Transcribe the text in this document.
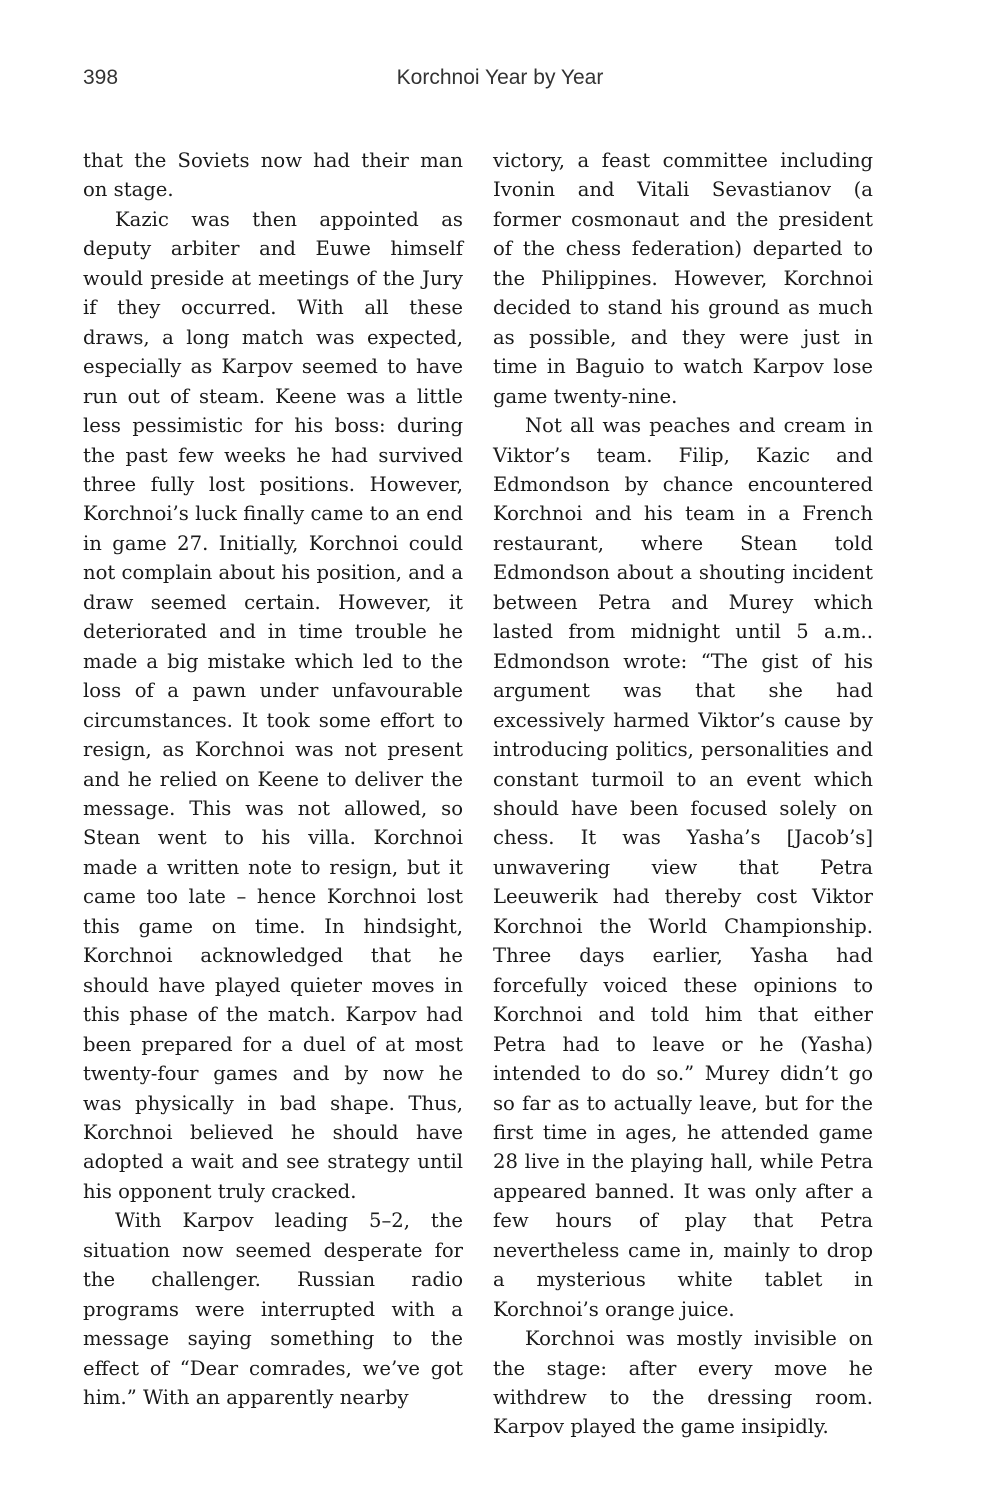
398	Korchnoi Year by Year

that the Soviets now had their man on stage.

Kazic was then appointed as deputy arbiter and Euwe himself would preside at meetings of the Jury if they occurred. With all these draws, a long match was expected, especially as Karpov seemed to have run out of steam. Keene was a little less pessimistic for his boss: during the past few weeks he had survived three fully lost positions. However, Korchnoi’s luck finally came to an end in game 27. Initially, Korchnoi could not complain about his position, and a draw seemed certain. However, it deteriorated and in time trouble he made a big mistake which led to the loss of a pawn under unfavourable circumstances. It took some effort to resign, as Korchnoi was not present and he relied on Keene to deliver the message. This was not allowed, so Stean went to his villa. Korchnoi made a written note to resign, but it came too late – hence Korchnoi lost this game on time. In hindsight, Korchnoi acknowledged that he should have played quieter moves in this phase of the match. Karpov had been prepared for a duel of at most twenty-four games and by now he was physically in bad shape. Thus, Korchnoi believed he should have adopted a wait and see strategy until his opponent truly cracked.

With Karpov leading 5–2, the situation now seemed desperate for the challenger. Russian radio programs were interrupted with a message saying something to the effect of “Dear comrades, we’ve got him.” With an apparently nearby

victory, a feast committee including Ivonin and Vitali Sevastianov (a former cosmonaut and the president of the chess federation) departed to the Philippines. However, Korchnoi decided to stand his ground as much as possible, and they were just in time in Baguio to watch Karpov lose game twenty-nine.

Not all was peaches and cream in Viktor’s team. Filip, Kazic and Edmondson by chance encountered Korchnoi and his team in a French restaurant, where Stean told Edmondson about a shouting incident between Petra and Murey which lasted from midnight until 5 a.m.. Edmondson wrote: “The gist of his argument was that she had excessively harmed Viktor’s cause by introducing politics, personalities and constant turmoil to an event which should have been focused solely on chess. It was Yasha’s [Jacob’s] unwavering view that Petra Leeuwerik had thereby cost Viktor Korchnoi the World Championship. Three days earlier, Yasha had forcefully voiced these opinions to Korchnoi and told him that either Petra had to leave or he (Yasha) intended to do so.” Murey didn’t go so far as to actually leave, but for the first time in ages, he attended game 28 live in the playing hall, while Petra appeared banned. It was only after a few hours of play that Petra nevertheless came in, mainly to drop a mysterious white tablet in Korchnoi’s orange juice.

Korchnoi was mostly invisible on the stage: after every move he withdrew to the dressing room. Karpov played the game insipidly.
